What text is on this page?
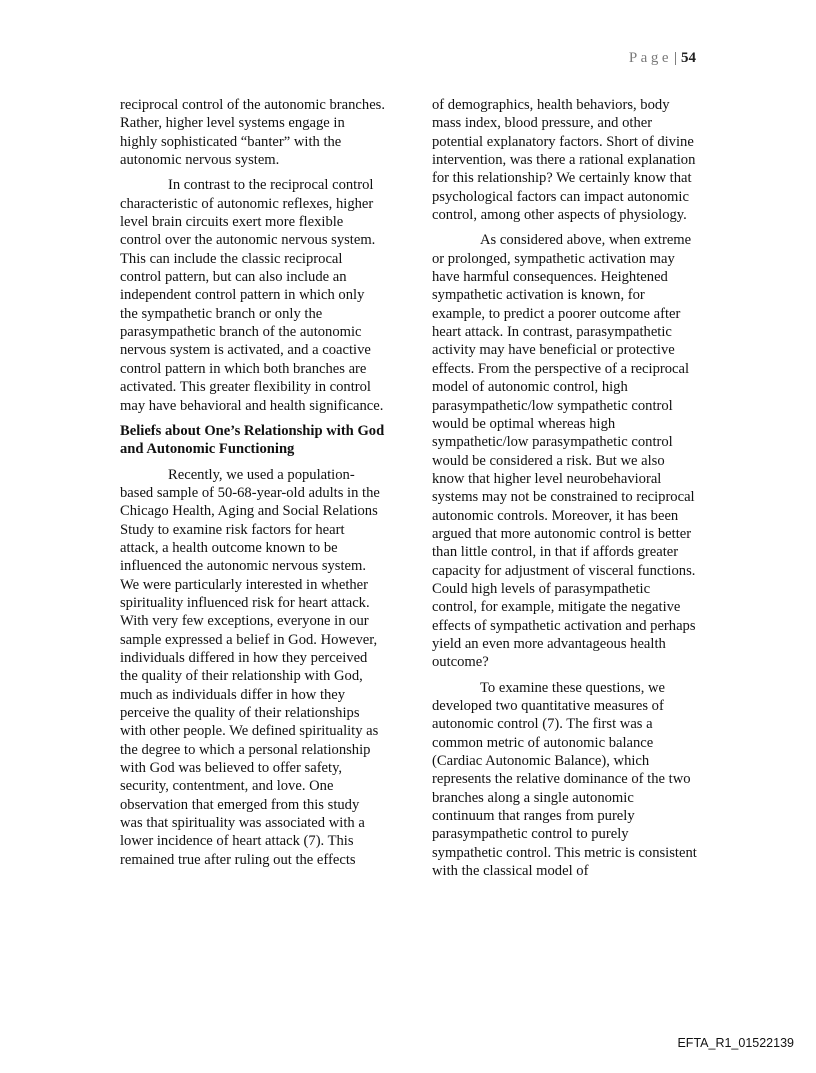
Page | 54

reciprocal control of the autonomic branches. Rather, higher level systems engage in highly sophisticated “banter” with the autonomic nervous system.

In contrast to the reciprocal control characteristic of autonomic reflexes, higher level brain circuits exert more flexible control over the autonomic nervous system. This can include the classic reciprocal control pattern, but can also include an independent control pattern in which only the sympathetic branch or only the parasympathetic branch of the autonomic nervous system is activated, and a coactive control pattern in which both branches are activated. This greater flexibility in control may have behavioral and health significance.

Beliefs about One’s Relationship with God and Autonomic Functioning

Recently, we used a population-based sample of 50-68-year-old adults in the Chicago Health, Aging and Social Relations Study to examine risk factors for heart attack, a health outcome known to be influenced the autonomic nervous system. We were particularly interested in whether spirituality influenced risk for heart attack. With very few exceptions, everyone in our sample expressed a belief in God. However, individuals differed in how they perceived the quality of their relationship with God, much as individuals differ in how they perceive the quality of their relationships with other people. We defined spirituality as the degree to which a personal relationship with God was believed to offer safety, security, contentment, and love. One observation that emerged from this study was that spirituality was associated with a lower incidence of heart attack (7). This remained true after ruling out the effects

of demographics, health behaviors, body mass index, blood pressure, and other potential explanatory factors. Short of divine intervention, was there a rational explanation for this relationship? We certainly know that psychological factors can impact autonomic control, among other aspects of physiology.

As considered above, when extreme or prolonged, sympathetic activation may have harmful consequences. Heightened sympathetic activation is known, for example, to predict a poorer outcome after heart attack. In contrast, parasympathetic activity may have beneficial or protective effects. From the perspective of a reciprocal model of autonomic control, high parasympathetic/low sympathetic control would be optimal whereas high sympathetic/low parasympathetic control would be considered a risk. But we also know that higher level neurobehavioral systems may not be constrained to reciprocal autonomic controls. Moreover, it has been argued that more autonomic control is better than little control, in that if affords greater capacity for adjustment of visceral functions. Could high levels of parasympathetic control, for example, mitigate the negative effects of sympathetic activation and perhaps yield an even more advantageous health outcome?

To examine these questions, we developed two quantitative measures of autonomic control (7). The first was a common metric of autonomic balance (Cardiac Autonomic Balance), which represents the relative dominance of the two branches along a single autonomic continuum that ranges from purely parasympathetic control to purely sympathetic control. This metric is consistent with the classical model of

EFTA_R1_01522139
